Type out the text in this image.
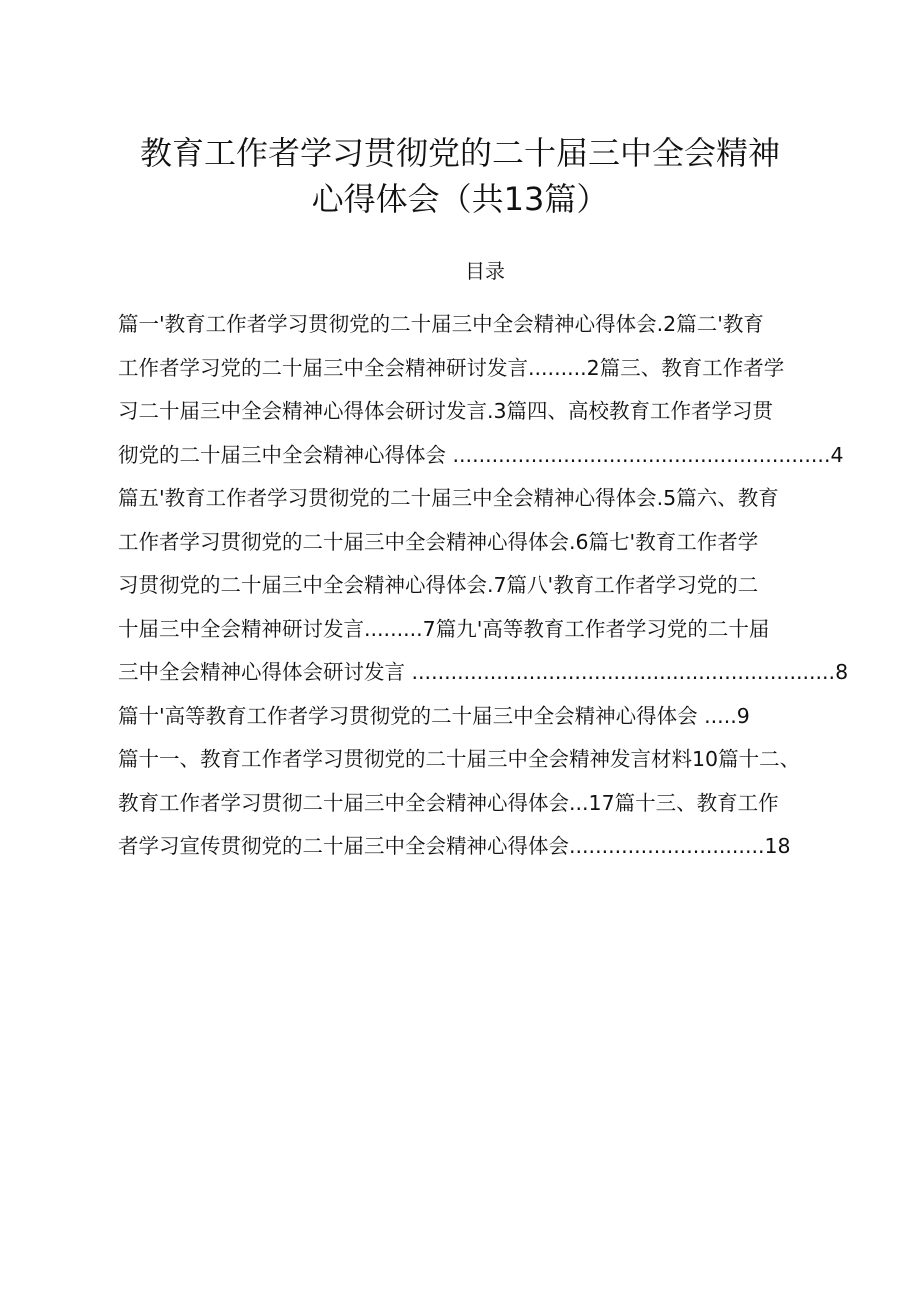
教育工作者学习贯彻党的二十届三中全会精神
心得体会（共13篇）
目录
篇一'教育工作者学习贯彻党的二十届三中全会精神心得体会.2篇二'教育
工作者学习党的二十届三中全会精神研讨发言.........2篇三、教育工作者学
习二十届三中全会精神心得体会研讨发言.3篇四、高校教育工作者学习贯
彻党的二十届三中全会精神心得体会 ..........................................................4
篇五'教育工作者学习贯彻党的二十届三中全会精神心得体会.5篇六、教育
工作者学习贯彻党的二十届三中全会精神心得体会.6篇七'教育工作者学
习贯彻党的二十届三中全会精神心得体会.7篇八'教育工作者学习党的二
十届三中全会精神研讨发言.........7篇九'高等教育工作者学习党的二十届
三中全会精神心得体会研讨发言 .................................................................8
篇十'高等教育工作者学习贯彻党的二十届三中全会精神心得体会 .....9
篇十一、教育工作者学习贯彻党的二十届三中全会精神发言材料10篇十二、
教育工作者学习贯彻二十届三中全会精神心得体会...17篇十三、教育工作
者学习宣传贯彻党的二十届三中全会精神心得体会..............................18
